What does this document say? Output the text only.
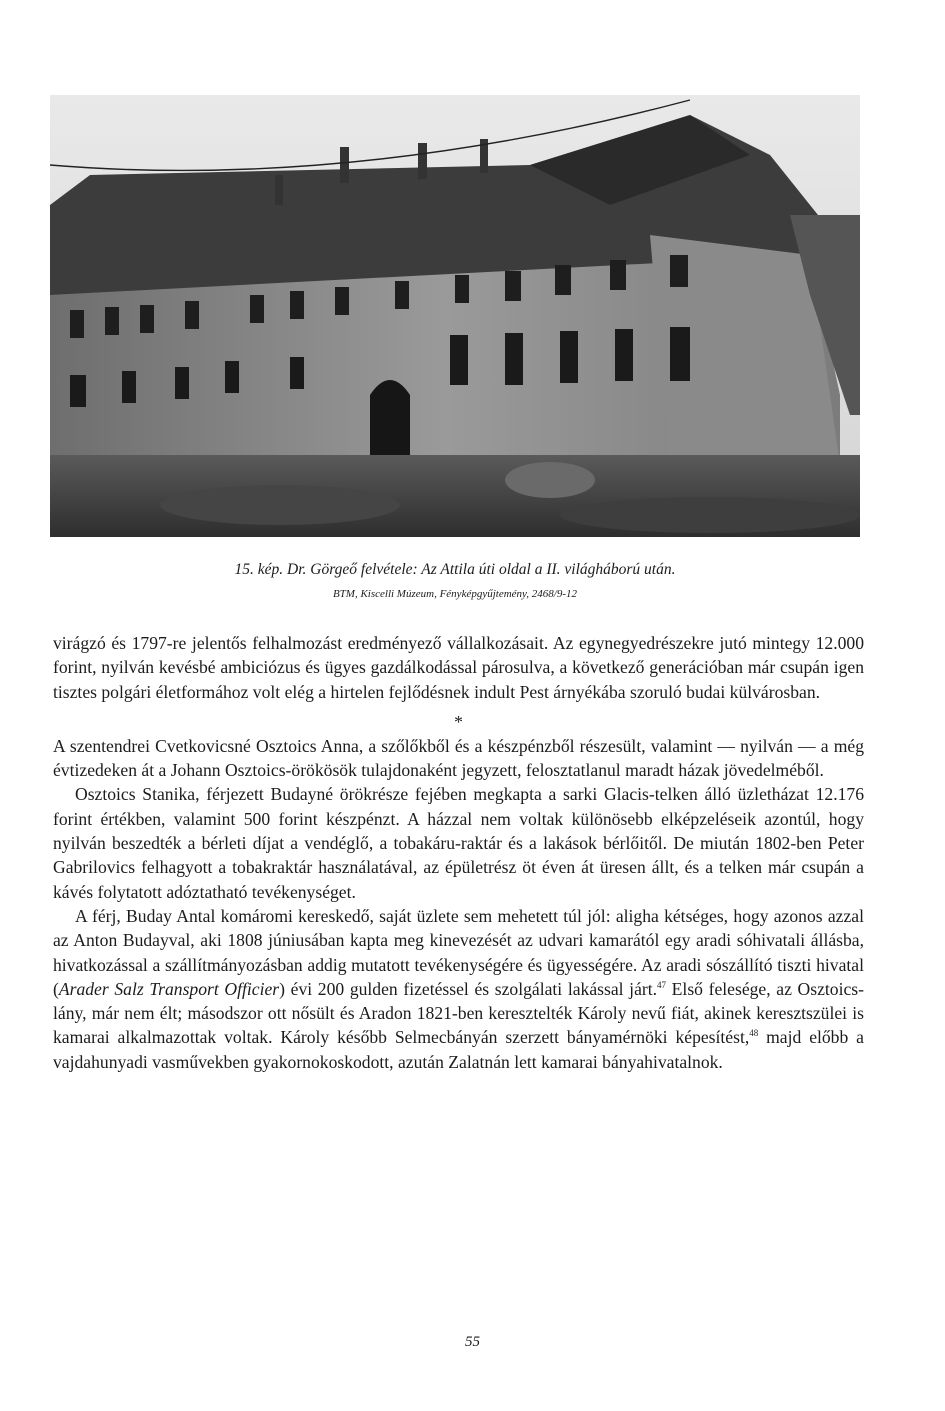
15. kép. Dr. Görgeő felvétele: Az Attila úti oldal a II. világháború után.
BTM, Kiscelli Múzeum, Fényképgyűjtemény, 2468/9-12

virágzó és 1797-re jelentős felhalmozást eredményező vállalkozásait. Az egynegyedrészekre jutó mintegy 12.000 forint, nyilván kevésbé ambiciózus és ügyes gazdálkodással párosulva, a következő generációban már csupán igen tisztes polgári életformához volt elég a hirtelen fejlődésnek indult Pest árnyékába szoruló budai külvárosban.

*

A szentendrei Cvetkovicsné Osztoics Anna, a szőlőkből és a készpénzből részesült, valamint — nyilván — a még évtizedeken át a Johann Osztoics-örökösök tulajdonaként jegyzett, felosztatlanul maradt házak jövedelméből.

Osztoics Stanika, férjezett Budayné örökrésze fejében megkapta a sarki Glacis-telken álló üzletházat 12.176 forint értékben, valamint 500 forint készpénzt. A házzal nem voltak különösebb elképzeléseik azontúl, hogy nyilván beszedték a bérleti díjat a vendéglő, a tobakáru-raktár és a lakások bérlőitől. De miután 1802-ben Peter Gabrilovics felhagyott a tobakraktár használatával, az épületrész öt éven át üresen állt, és a telken már csupán a kávés folytatott adóztatható tevékenységet.

A férj, Buday Antal komáromi kereskedő, saját üzlete sem mehetett túl jól: aligha kétséges, hogy azonos azzal az Anton Budayval, aki 1808 júniusában kapta meg kinevezését az udvari kamarától egy aradi sóhivatali állásba, hivatkozással a szállítmányozásban addig mutatott tevékenységére és ügyességére. Az aradi sószállító tiszti hivatal (Arader Salz Transport Officier) évi 200 gulden fizetéssel és szolgálati lakással járt.$^{47}$ Első felesége, az Osztoics-lány, már nem élt; másodszor ott nősült és Aradon 1821-ben keresztelték Károly nevű fiát, akinek keresztszülei is kamarai alkalmazottak voltak. Károly később Selmecbányán szerzett bányamérnöki képesítést,$^{48}$ majd előbb a vajdahunyadi vasművekben gyakornokoskodott, azután Zalatnán lett kamarai bányahivatalnok.

55
